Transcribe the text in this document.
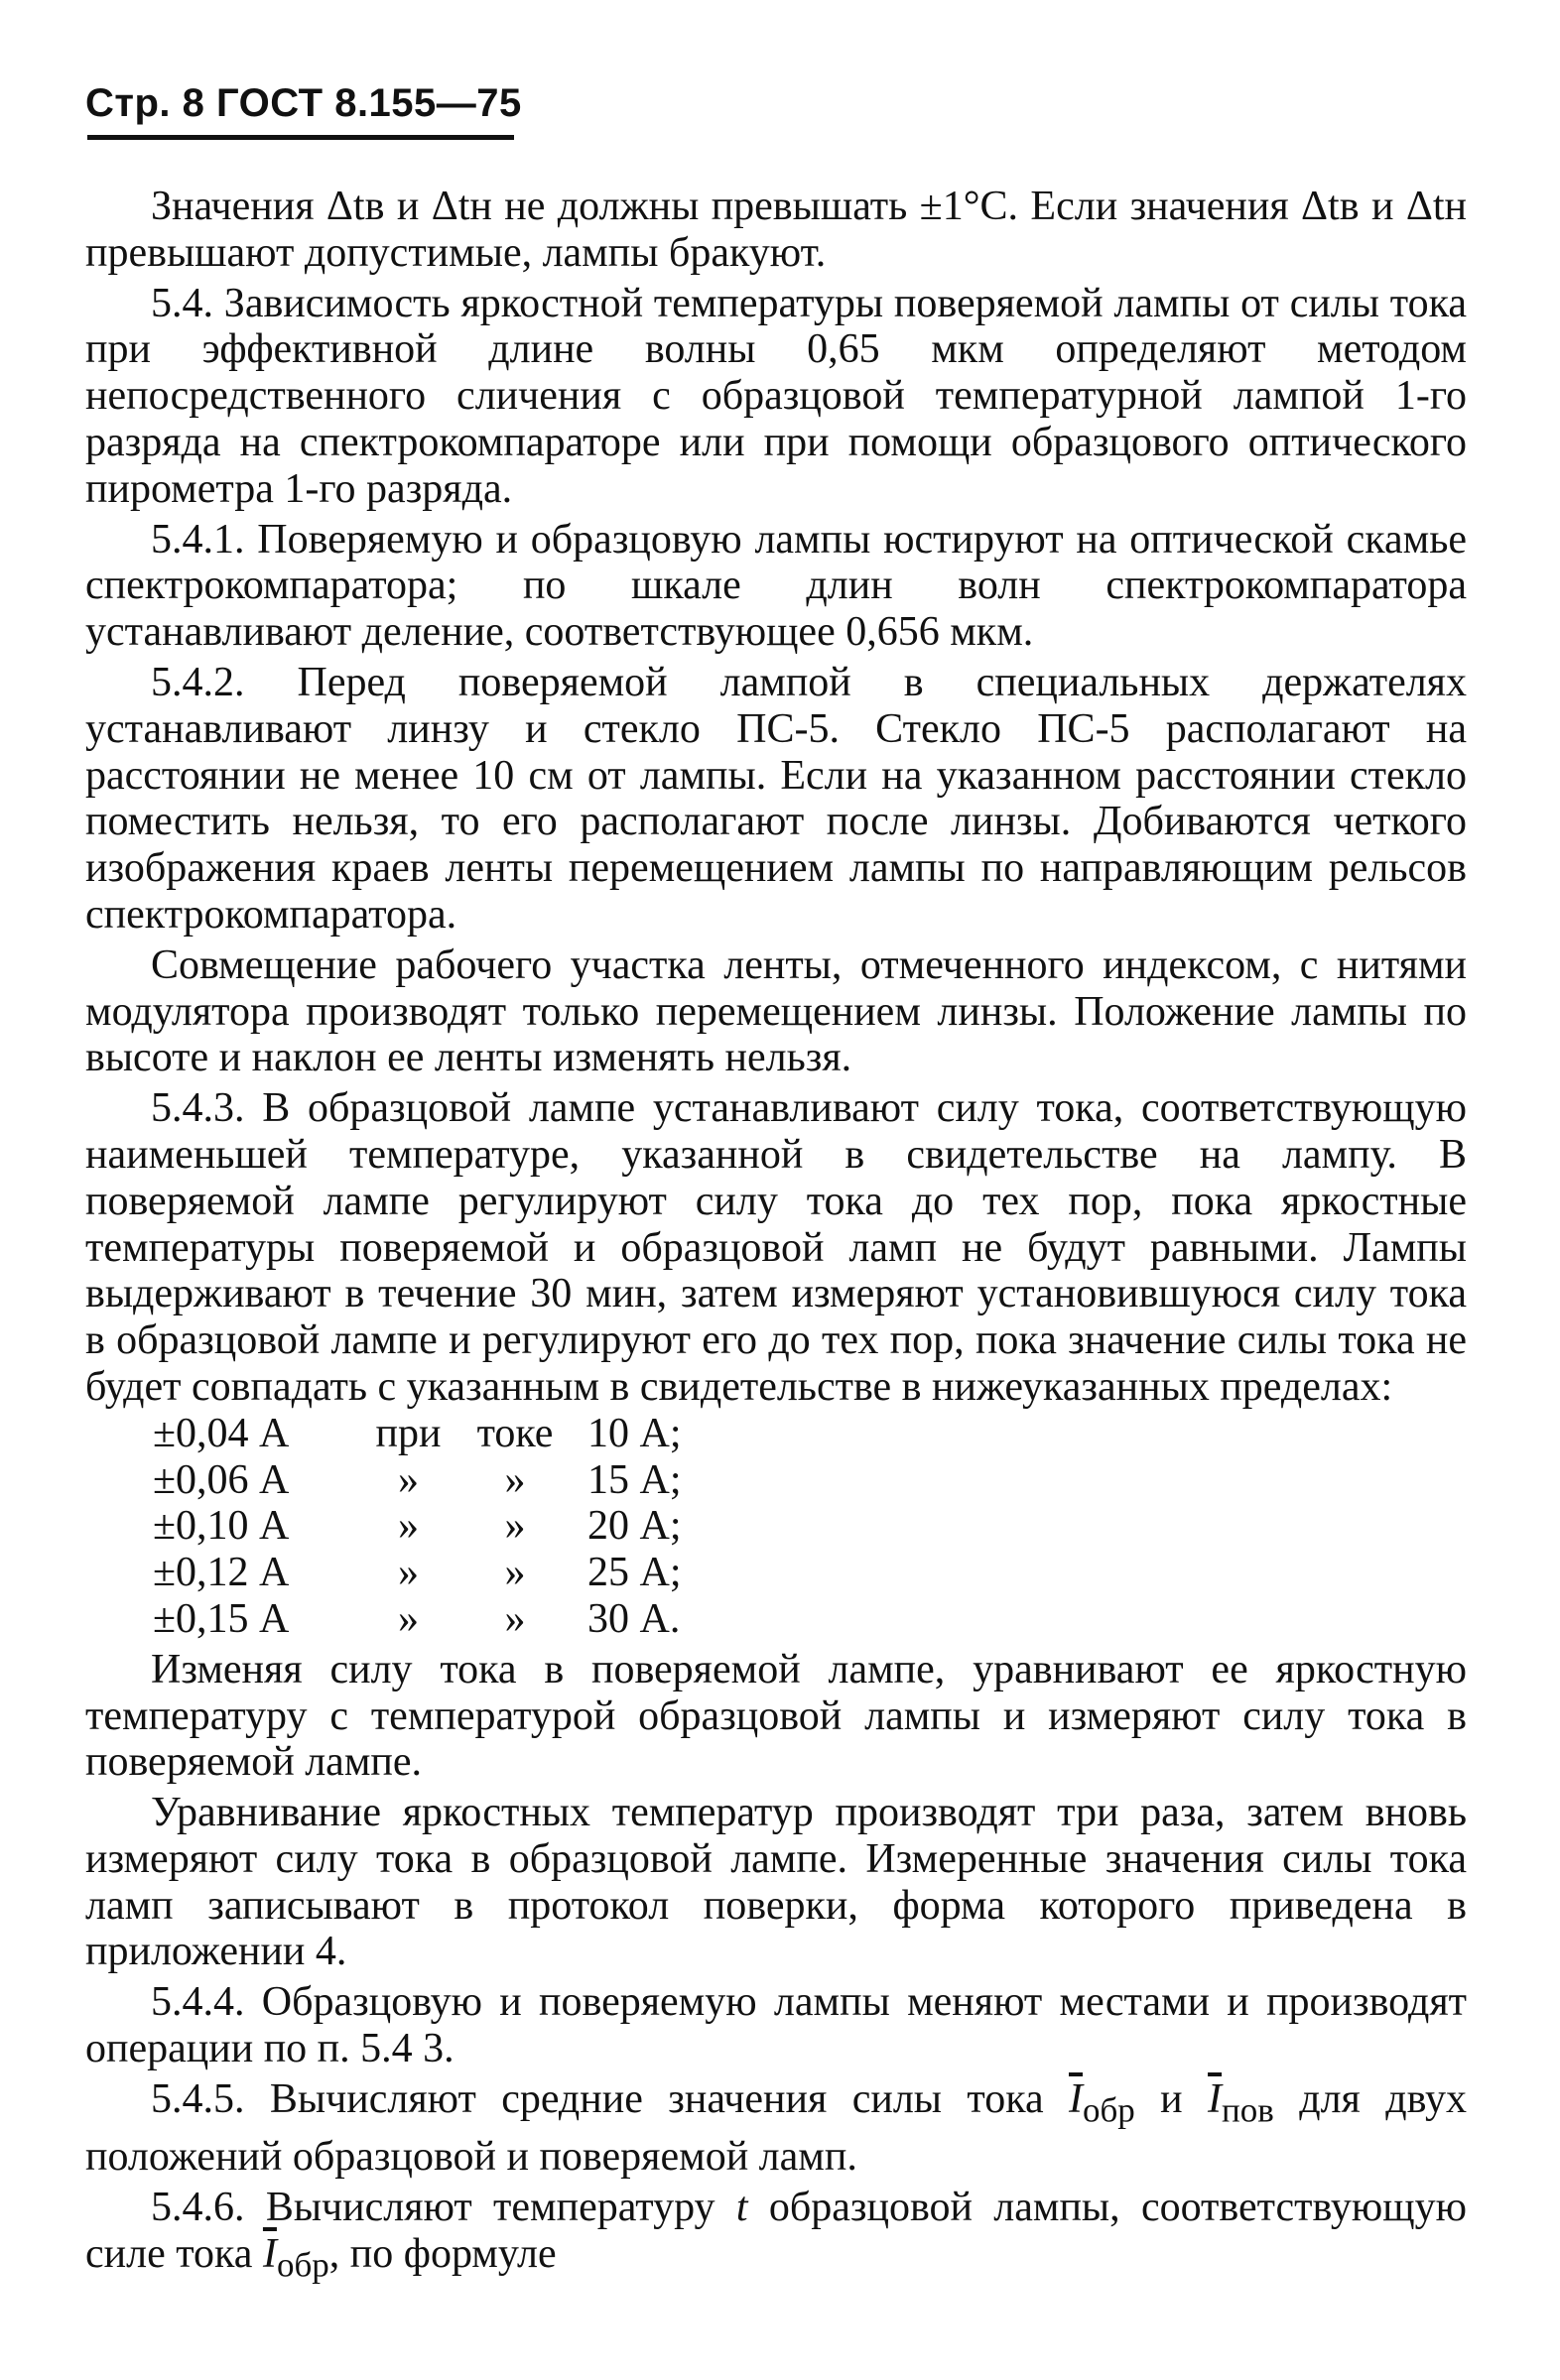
Стр. 8 ГОСТ 8.155—75

Значения Δtв и Δtн не должны превышать ±1°С. Если значения Δtв и Δtн превышают допустимые, лампы бракуют.

5.4. Зависимость яркостной температуры поверяемой лампы от силы тока при эффективной длине волны 0,65 мкм определяют методом непосредственного сличения с образцовой температурной лампой 1-го разряда на спектрокомпараторе или при помощи образцового оптического пирометра 1-го разряда.

5.4.1. Поверяемую и образцовую лампы юстируют на оптической скамье спектрокомпаратора; по шкале длин волн спектрокомпаратора устанавливают деление, соответствующее 0,656 мкм.

5.4.2. Перед поверяемой лампой в специальных держателях устанавливают линзу и стекло ПС-5. Стекло ПС-5 располагают на расстоянии не менее 10 см от лампы. Если на указанном расстоянии стекло поместить нельзя, то его располагают после линзы. Добиваются четкого изображения краев ленты перемещением лампы по направляющим рельсов спектрокомпаратора.

Совмещение рабочего участка ленты, отмеченного индексом, с нитями модулятора производят только перемещением линзы. Положение лампы по высоте и наклон ее ленты изменять нельзя.

5.4.3. В образцовой лампе устанавливают силу тока, соответствующую наименьшей температуре, указанной в свидетельстве на лампу. В поверяемой лампе регулируют силу тока до тех пор, пока яркостные температуры поверяемой и образцовой ламп не будут равными. Лампы выдерживают в течение 30 мин, затем измеряют установившуюся силу тока в образцовой лампе и регулируют его до тех пор, пока значение силы тока не будет совпадать с указанным в свидетельстве в нижеуказанных пределах:

±0,04 А	при токе 10 А;
±0,06 А	»	»	15 А;
±0,10 А	»	»	20 А;
±0,12 А	»	»	25 А;
±0,15 А	»	»	30 А.

Изменяя силу тока в поверяемой лампе, уравнивают ее яркостную температуру с температурой образцовой лампы и измеряют силу тока в поверяемой лампе.

Уравнивание яркостных температур производят три раза, затем вновь измеряют силу тока в образцовой лампе. Измеренные значения силы тока ламп записывают в протокол поверки, форма которого приведена в приложении 4.

5.4.4. Образцовую и поверяемую лампы меняют местами и производят операции по п. 5.4 3.

5.4.5. Вычисляют средние значения силы тока $\overline{I}_{обр}$ и $\overline{I}_{пов}$ для двух положений образцовой и поверяемой ламп.

5.4.6. Вычисляют температуру t образцовой лампы, соответствующую силе тока $\overline{I}_{обр}$, по формуле
